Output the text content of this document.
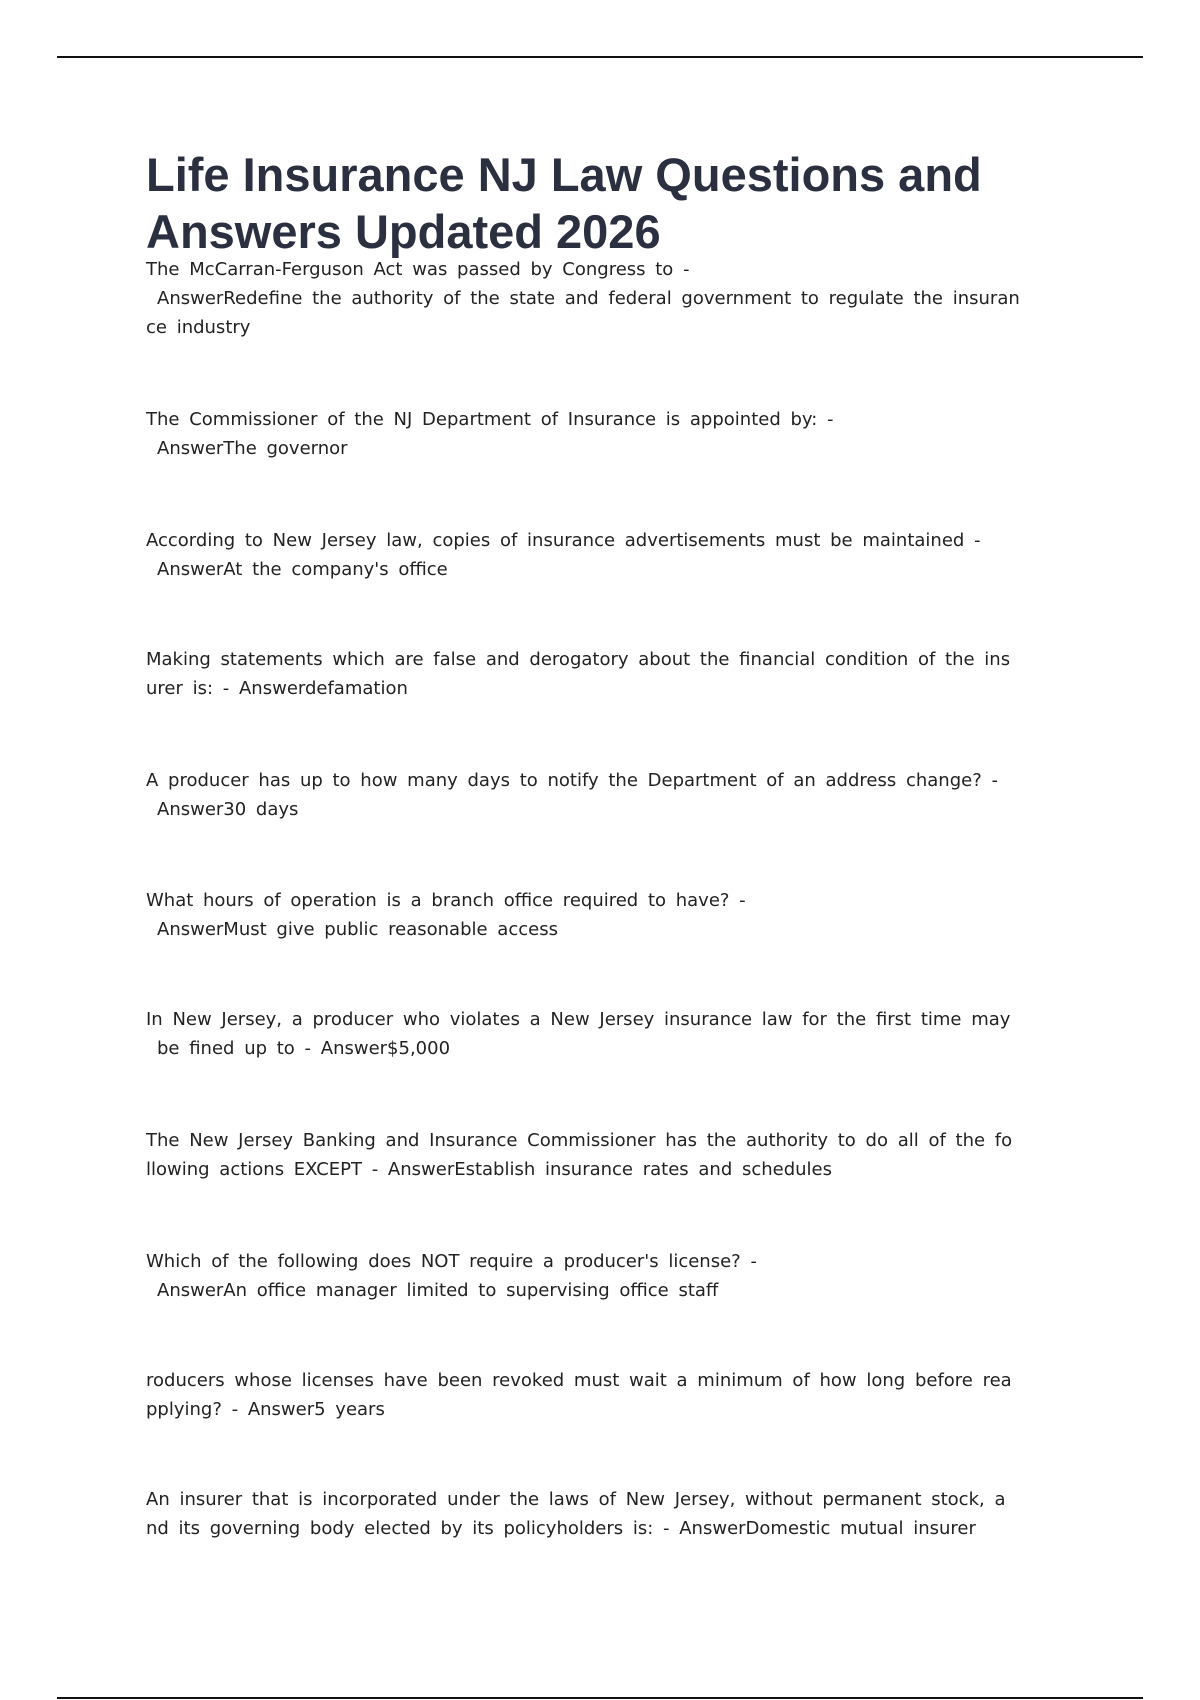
Life Insurance NJ Law Questions and
Answers Updated 2026
The McCarran-Ferguson Act was passed by Congress to -
AnswerRedefine the authority of the state and federal government to regulate the insuran
ce industry
The Commissioner of the NJ Department of Insurance is appointed by: -
AnswerThe governor
According to New Jersey law, copies of insurance advertisements must be maintained -
AnswerAt the company's office
Making statements which are false and derogatory about the financial condition of the ins
urer is: - Answerdefamation
A producer has up to how many days to notify the Department of an address change? -
Answer30 days
What hours of operation is a branch office required to have? -
AnswerMust give public reasonable access
In New Jersey, a producer who violates a New Jersey insurance law for the first time may
be fined up to - Answer$5,000
The New Jersey Banking and Insurance Commissioner has the authority to do all of the fo
llowing actions EXCEPT - AnswerEstablish insurance rates and schedules
Which of the following does NOT require a producer's license? -
AnswerAn office manager limited to supervising office staff
roducers whose licenses have been revoked must wait a minimum of how long before rea
pplying? - Answer5 years
An insurer that is incorporated under the laws of New Jersey, without permanent stock, a
nd its governing body elected by its policyholders is: - AnswerDomestic mutual insurer
